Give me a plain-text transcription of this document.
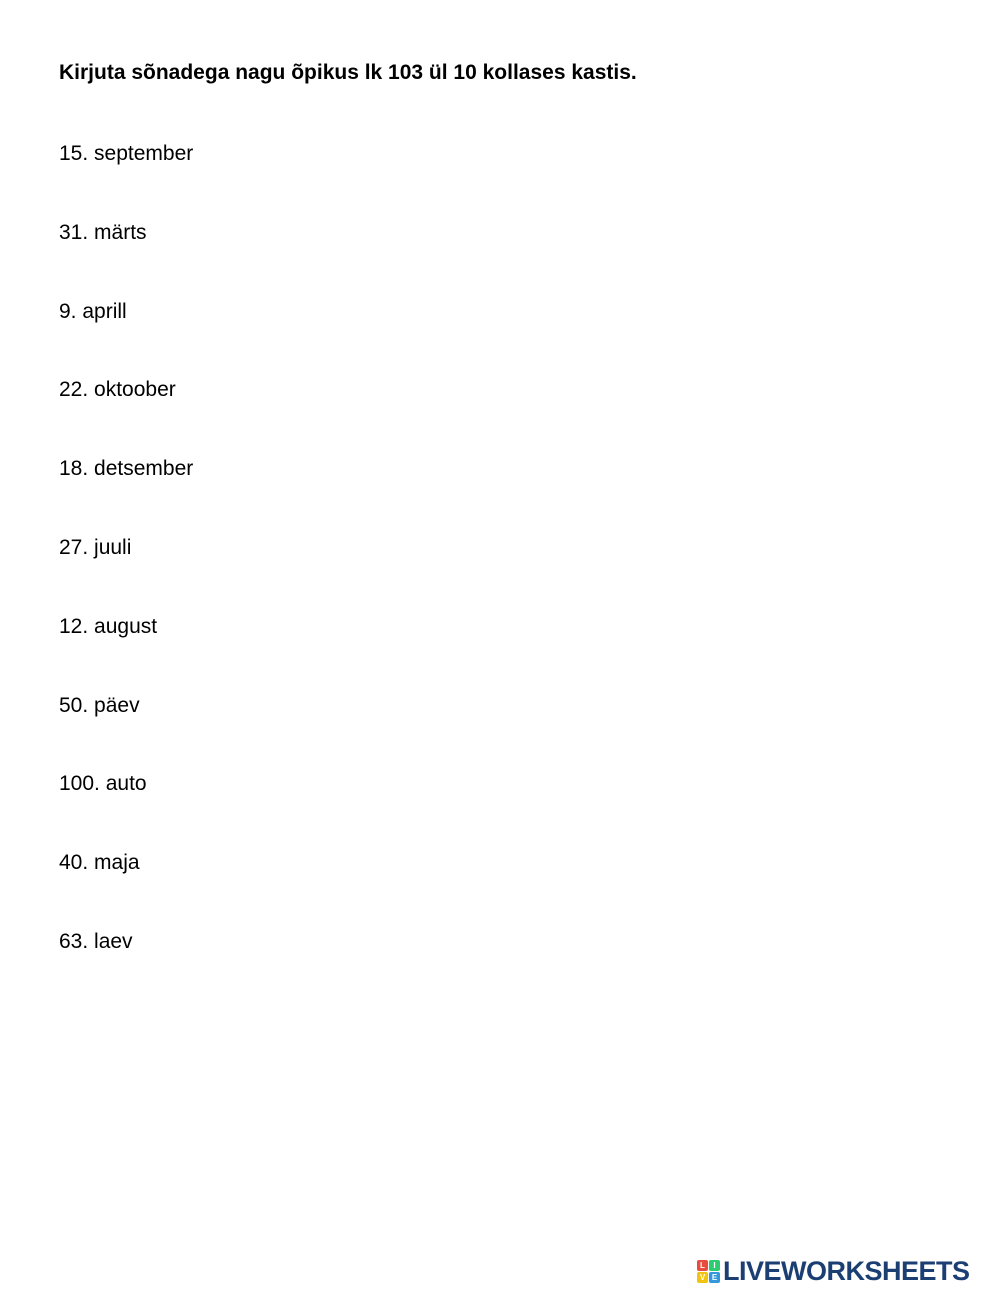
Kirjuta sõnadega nagu õpikus lk 103 ül 10 kollases kastis.
15. september
31. märts
9. aprill
22. oktoober
18. detsember
27. juuli
12. august
50. päev
100. auto
40. maja
63. laev
L	I
V E LIVEWORKSHEETS
